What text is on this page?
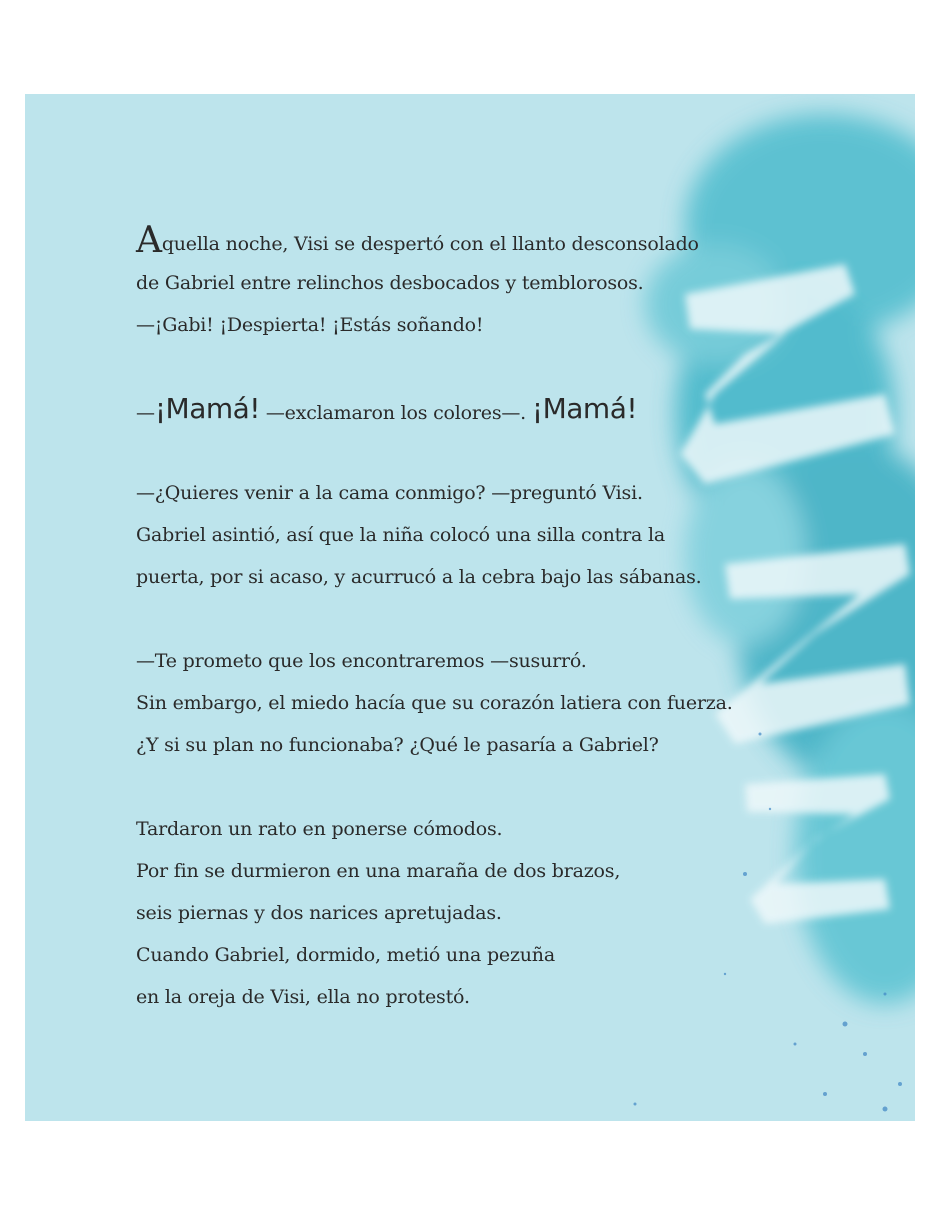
Aquella noche, Visi se despertó con el llanto desconsolado
de Gabriel entre relinchos desbocados y temblorosos.
—¡Gabi! ¡Despierta! ¡Estás soñando!
—¡Mamá! —exclamaron los colores—. ¡Mamá!
—¿Quieres venir a la cama conmigo? —preguntó Visi.
Gabriel asintió, así que la niña colocó una silla contra la
puerta, por si acaso, y acurrucó a la cebra bajo las sábanas.
—Te prometo que los encontraremos —susurró.
Sin embargo, el miedo hacía que su corazón latiera con fuerza.
¿Y si su plan no funcionaba? ¿Qué le pasaría a Gabriel?
Tardaron un rato en ponerse cómodos.
Por fin se durmieron en una maraña de dos brazos,
seis piernas y dos narices apretujadas.
Cuando Gabriel, dormido, metió una pezuña
en la oreja de Visi, ella no protestó.
